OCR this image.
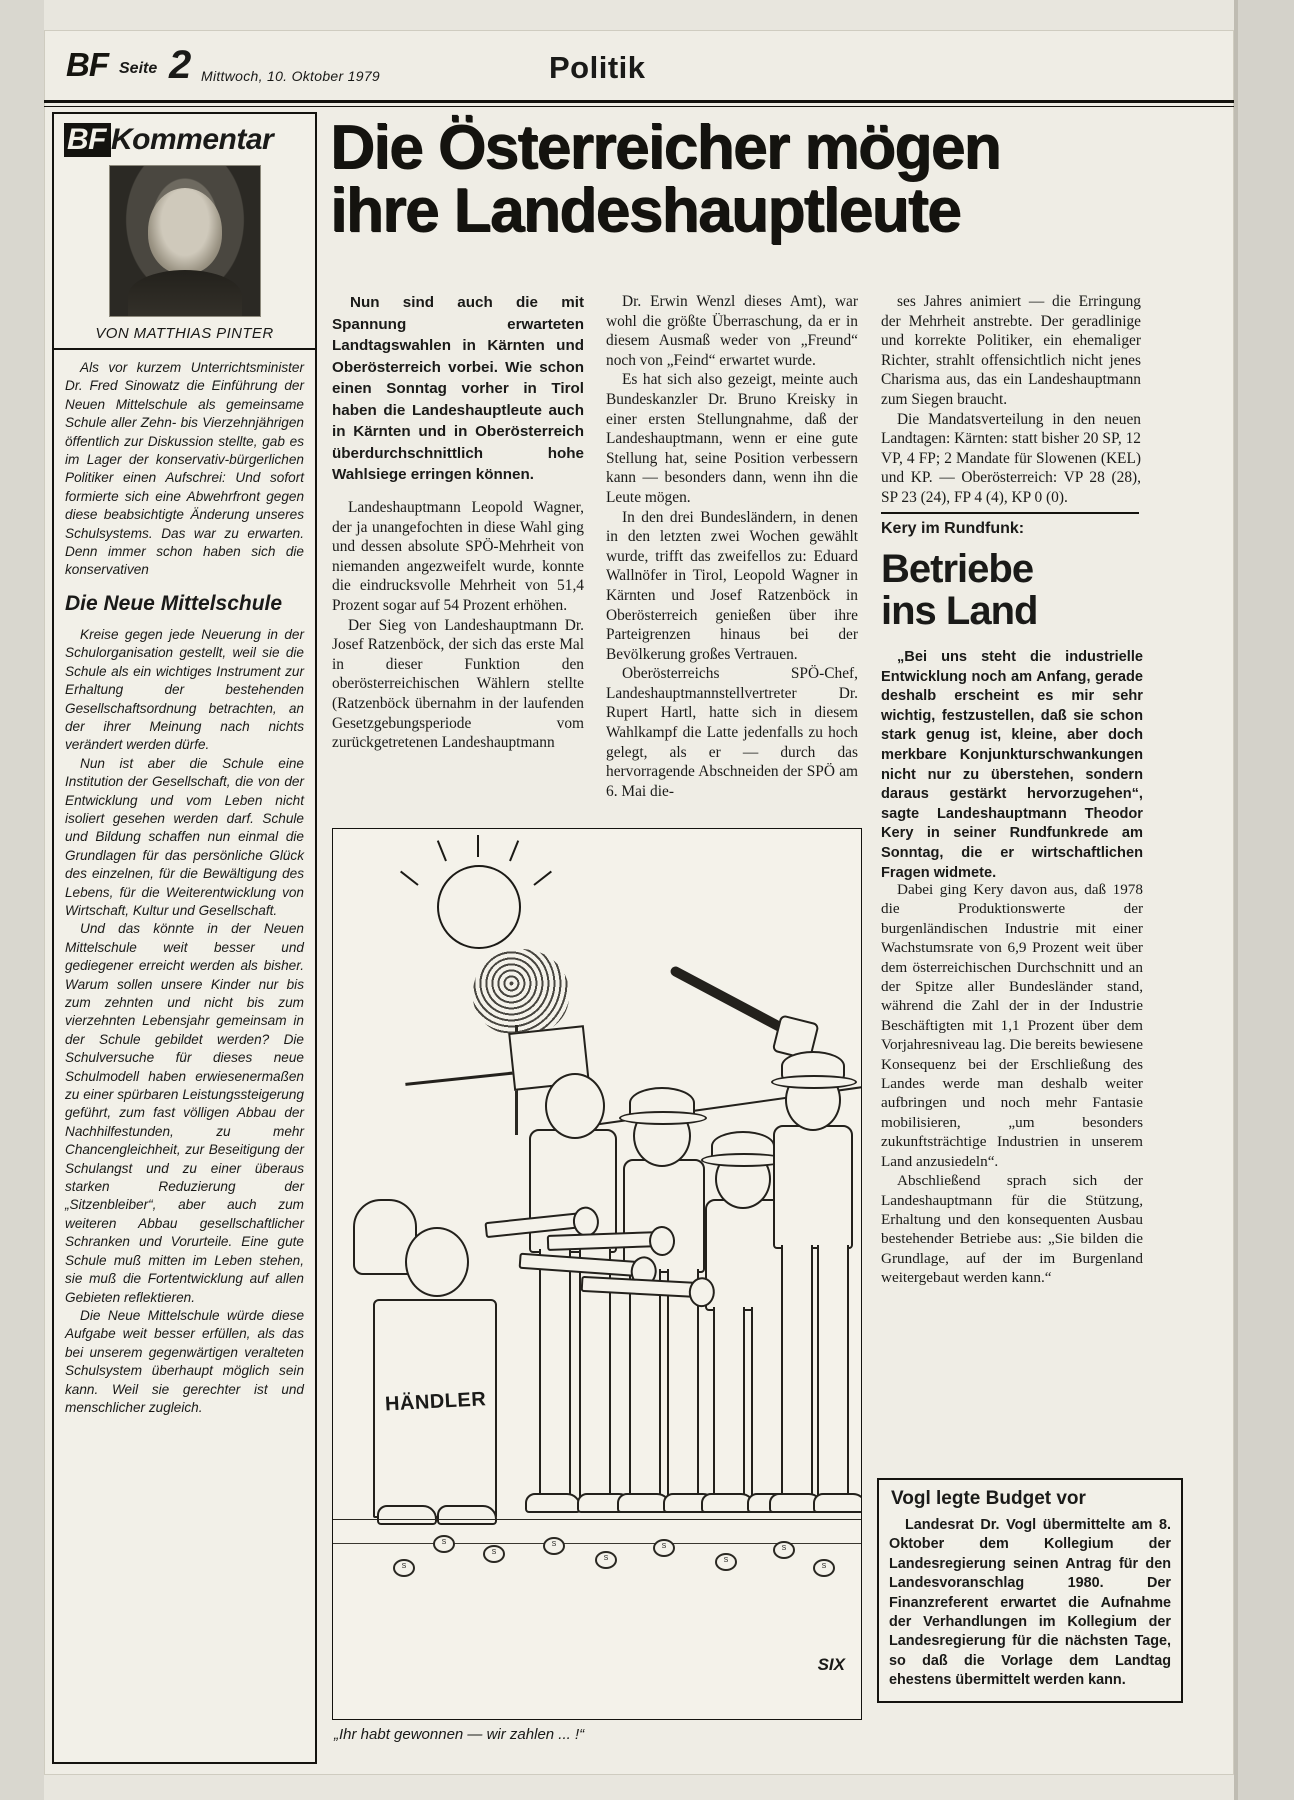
BF Seite 2 Mittwoch, 10. Oktober 1979	Politik
BF Kommentar
VON MATTHIAS PINTER

Als vor kurzem Unterrichtsminister Dr. Fred Sinowatz die Einführung der Neuen Mittelschule als gemeinsame Schule aller Zehn- bis Vierzehnjährigen öffentlich zur Diskussion stellte, gab es im Lager der konservativ-bürgerlichen Politiker einen Aufschrei: Und sofort formierte sich eine Abwehrfront gegen diese beabsichtigte Änderung unseres Schulsystems. Das war zu erwarten. Denn immer schon haben sich die konservativen

Die Neue Mittelschule

Kreise gegen jede Neuerung in der Schulorganisation gestellt, weil sie die Schule als ein wichtiges Instrument zur Erhaltung der bestehenden Gesellschaftsordnung betrachten, an der ihrer Meinung nach nichts verändert werden dürfe.

Nun ist aber die Schule eine Institution der Gesellschaft, die von der Entwicklung und vom Leben nicht isoliert gesehen werden darf. Schule und Bildung schaffen nun einmal die Grundlagen für das persönliche Glück des einzelnen, für die Bewältigung des Lebens, für die Weiterentwicklung von Wirtschaft, Kultur und Gesellschaft.

Und das könnte in der Neuen Mittelschule weit besser und gediegener erreicht werden als bisher. Warum sollen unsere Kinder nur bis zum zehnten und nicht bis zum vierzehnten Lebensjahr gemeinsam in der Schule gebildet werden? Die Schulversuche für dieses neue Schulmodell haben erwiesenermaßen zu einer spürbaren Leistungssteigerung geführt, zum fast völligen Abbau der Nachhilfestunden, zu mehr Chancengleichheit, zur Beseitigung der Schulangst und zu einer überaus starken Reduzierung der „Sitzenbleiber“, aber auch zum weiteren Abbau gesellschaftlicher Schranken und Vorurteile. Eine gute Schule muß mitten im Leben stehen, sie muß die Fortentwicklung auf allen Gebieten reflektieren.

Die Neue Mittelschule würde diese Aufgabe weit besser erfüllen, als das bei unserem gegenwärtigen veralteten Schulsystem überhaupt möglich sein kann. Weil sie gerechter ist und menschlicher zugleich.

Die Österreicher mögen
ihre Landeshauptleute

Nun sind auch die mit Spannung erwarteten Landtagswahlen in Kärnten und Oberösterreich vorbei. Wie schon einen Sonntag vorher in Tirol haben die Landeshauptleute auch in Kärnten und in Oberösterreich überdurchschnittlich hohe Wahlsiege erringen können.

Landeshauptmann Leopold Wagner, der ja unangefochten in diese Wahl ging und dessen absolute SPÖ-Mehrheit von niemanden angezweifelt wurde, konnte die eindrucksvolle Mehrheit von 51,4 Prozent sogar auf 54 Prozent erhöhen.

Der Sieg von Landeshauptmann Dr. Josef Ratzenböck, der sich das erste Mal in dieser Funktion den oberösterreichischen Wählern stellte (Ratzenböck übernahm in der laufenden Gesetzgebungsperiode vom zurückgetretenen Landeshauptmann

Dr. Erwin Wenzl dieses Amt), war wohl die größte Überraschung, da er in diesem Ausmaß weder von „Freund“ noch von „Feind“ erwartet wurde.

Es hat sich also gezeigt, meinte auch Bundeskanzler Dr. Bruno Kreisky in einer ersten Stellungnahme, daß der Landeshauptmann, wenn er eine gute Stellung hat, seine Position verbessern kann — besonders dann, wenn ihn die Leute mögen.

In den drei Bundesländern, in denen in den letzten zwei Wochen gewählt wurde, trifft das zweifellos zu: Eduard Wallnöfer in Tirol, Leopold Wagner in Kärnten und Josef Ratzenböck in Oberösterreich genießen über ihre Parteigrenzen hinaus bei der Bevölkerung großes Vertrauen.

Oberösterreichs SPÖ-Chef, Landeshauptmannstellvertreter Dr. Rupert Hartl, hatte sich in diesem Wahlkampf die Latte jedenfalls zu hoch gelegt, als er — durch das hervorragende Abschneiden der SPÖ am 6. Mai die-

ses Jahres animiert — die Erringung der Mehrheit anstrebte. Der geradlinige und korrekte Politiker, ein ehemaliger Richter, strahlt offensichtlich nicht jenes Charisma aus, das ein Landeshauptmann zum Siegen braucht.

Die Mandatsverteilung in den neuen Landtagen: Kärnten: statt bisher 20 SP, 12 VP, 4 FP; 2 Mandate für Slowenen (KEL) und KP. — Oberösterreich: VP 28 (28), SP 23 (24), FP 4 (4), KP 0 (0).

Kery im Rundfunk:
Betriebe
ins Land

„Bei uns steht die industrielle Entwicklung noch am Anfang, gerade deshalb erscheint es mir sehr wichtig, festzustellen, daß sie schon stark genug ist, kleine, aber doch merkbare Konjunkturschwankungen nicht nur zu überstehen, sondern daraus gestärkt hervorzugehen“, sagte Landeshauptmann Theodor Kery in seiner Rundfunkrede am Sonntag, die er wirtschaftlichen Fragen widmete.

Dabei ging Kery davon aus, daß 1978 die Produktionswerte der burgenländischen Industrie mit einer Wachstumsrate von 6,9 Prozent weit über dem österreichischen Durchschnitt und an der Spitze aller Bundesländer stand, während die Zahl der in der Industrie Beschäftigten mit 1,1 Prozent über dem Vorjahresniveau lag. Die bereits bewiesene Konsequenz bei der Erschließung des Landes werde man deshalb weiter aufbringen und noch mehr Fantasie mobilisieren, „um besonders zukunftsträchtige Industrien in unserem Land anzusiedeln“.

Abschließend sprach sich der Landeshauptmann für die Stützung, Erhaltung und den konsequenten Ausbau bestehender Betriebe aus: „Sie bilden die Grundlage, auf der im Burgenland weitergebaut werden kann.“

Vogl legte Budget vor

Landesrat Dr. Vogl übermittelte am 8. Oktober dem Kollegium der Landesregierung seinen Antrag für den Landesvoranschlag 1980. Der Finanzreferent erwartet die Aufnahme der Verhandlungen im Kollegium der Landesregierung für die nächsten Tage, so daß die Vorlage dem Landtag ehestens übermittelt werden kann.

HÄNDLER
S
S
S
S
S
S
S
S	S
SIX
„Ihr habt gewonnen — wir zahlen ... !“
